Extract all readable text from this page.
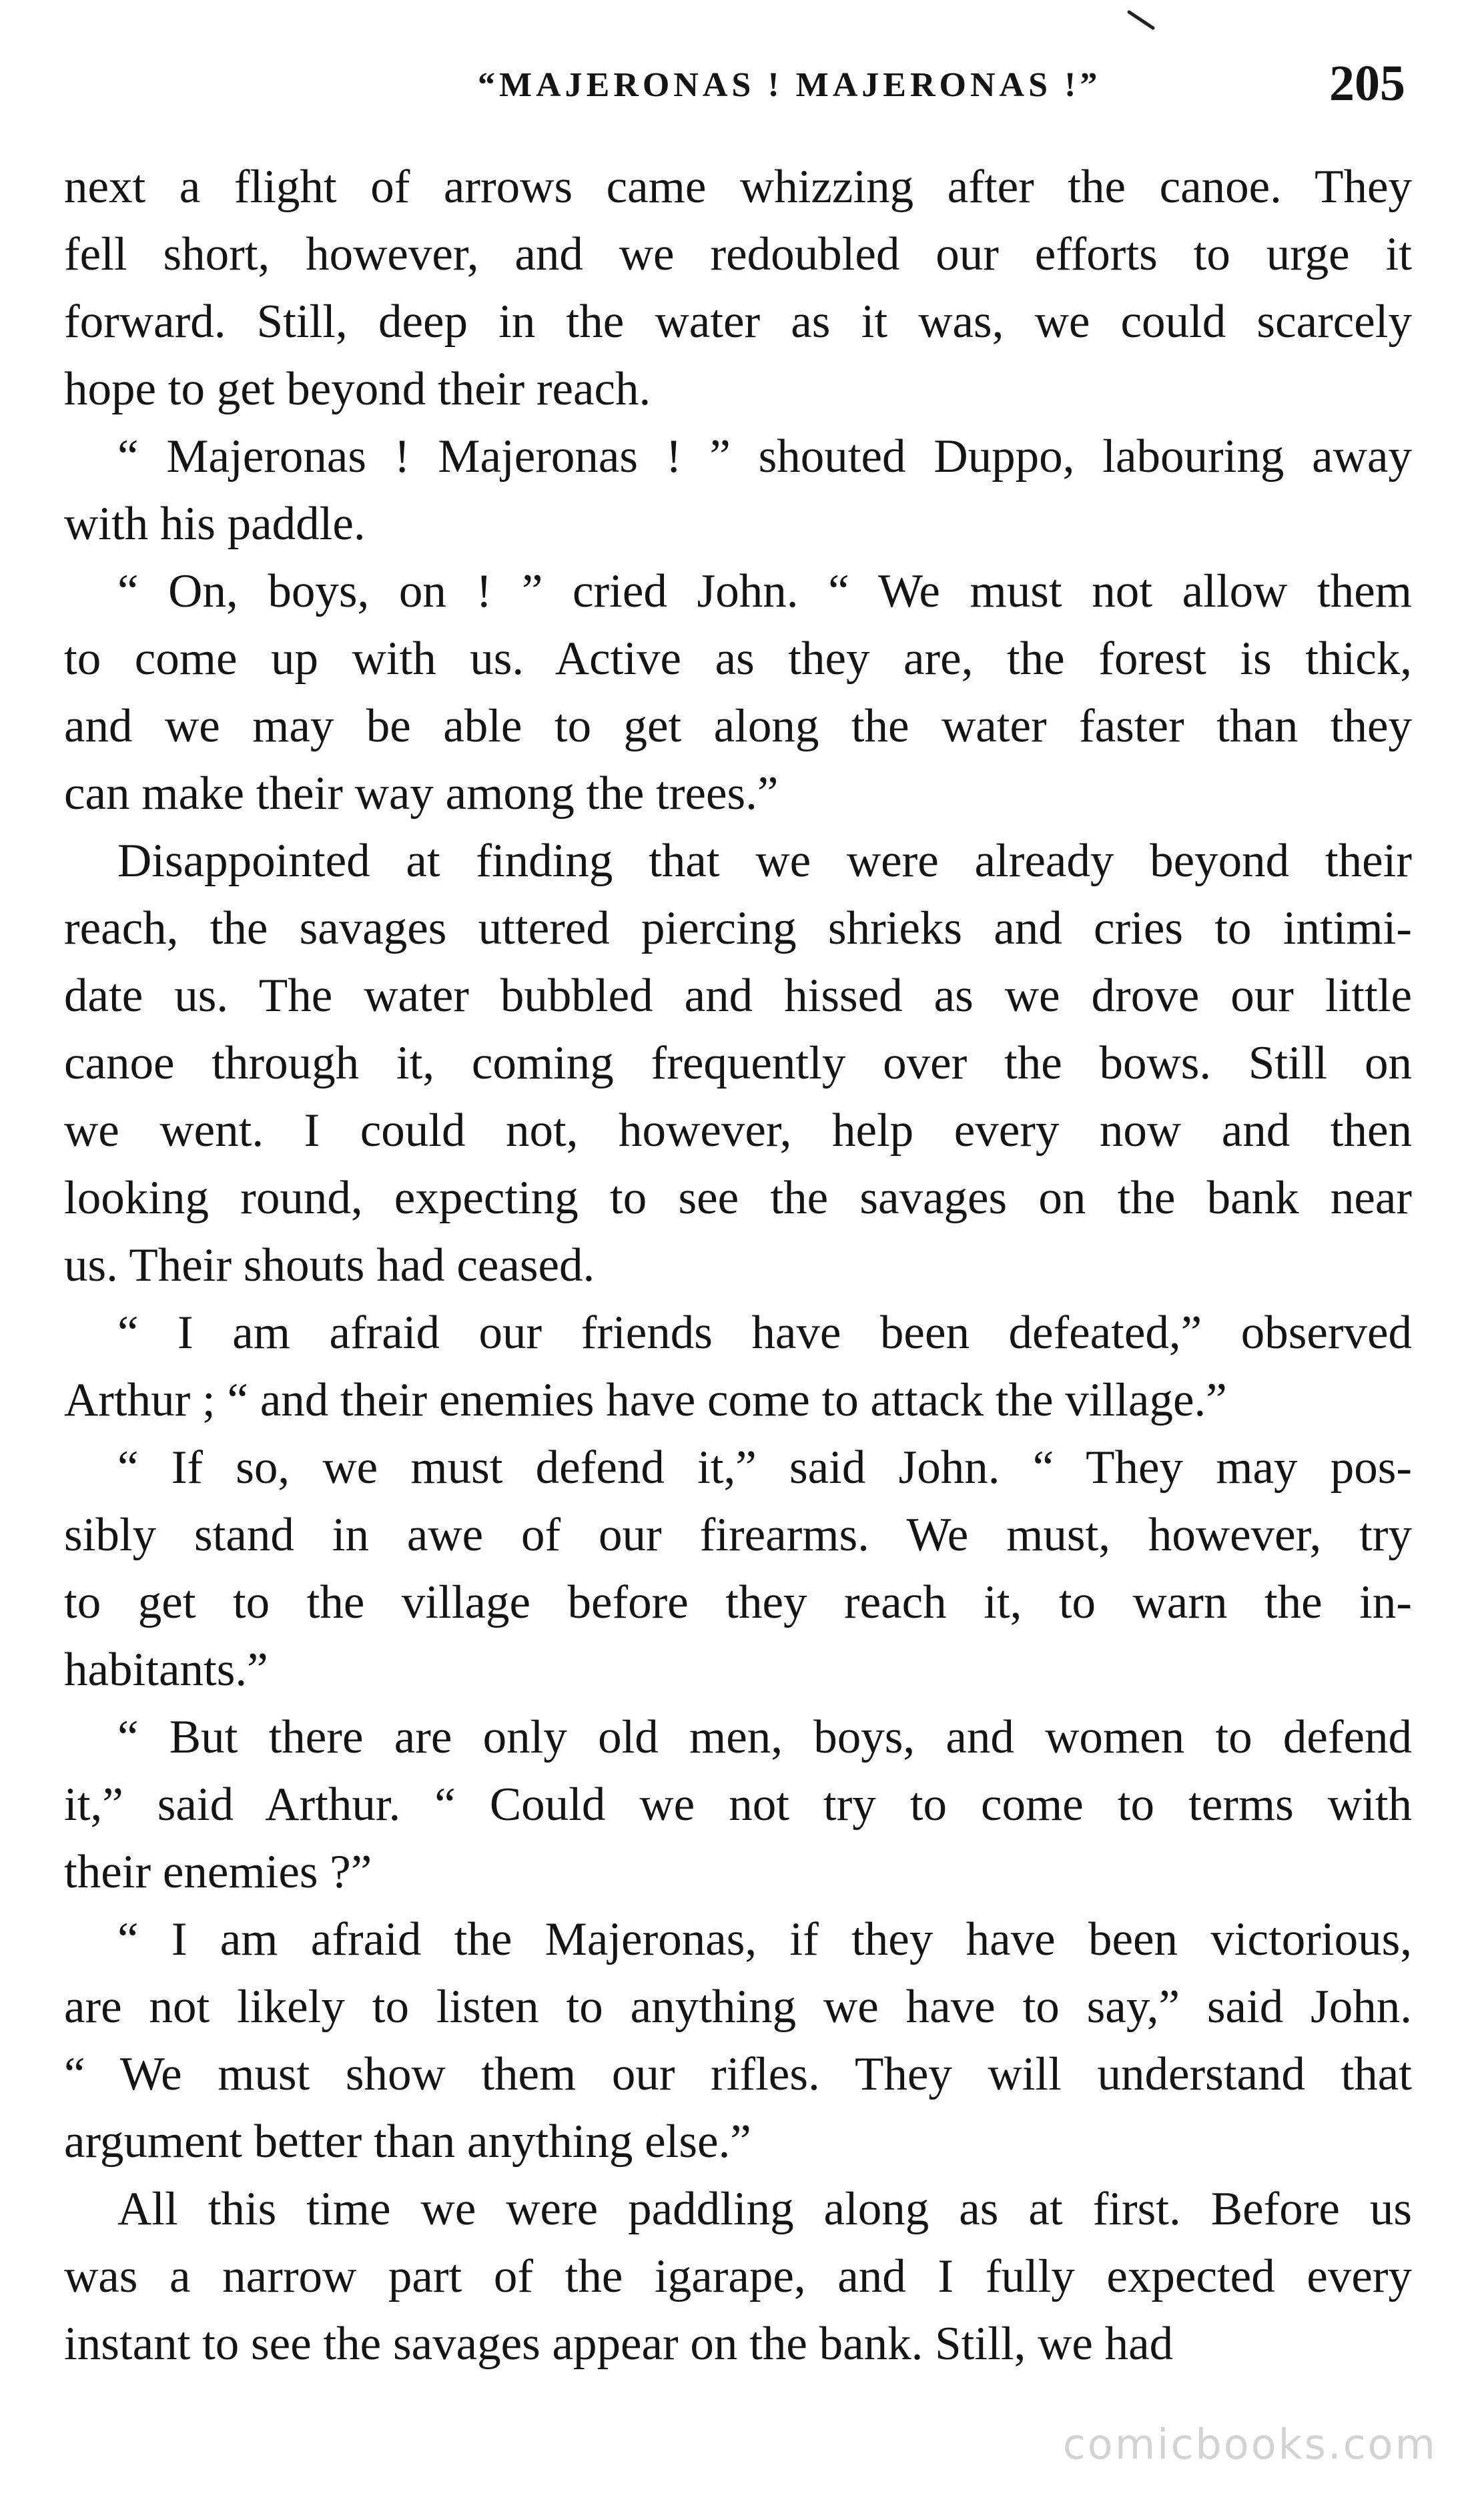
“MAJERONAS ! MAJERONAS !”	205
next a flight of arrows came whizzing after the canoe. They
fell short, however, and we redoubled our efforts to urge it
forward. Still, deep in the water as it was, we could scarcely
hope to get beyond their reach.
“ Majeronas ! Majeronas ! ” shouted Duppo, labouring away
with his paddle.
“ On, boys, on ! ” cried John. “ We must not allow them
to come up with us. Active as they are, the forest is thick,
and we may be able to get along the water faster than they
can make their way among the trees.”
Disappointed at finding that we were already beyond their
reach, the savages uttered piercing shrieks and cries to intimi-
date us. The water bubbled and hissed as we drove our little
canoe through it, coming frequently over the bows. Still on
we went. I could not, however, help every now and then
looking round, expecting to see the savages on the bank near
us. Their shouts had ceased.
“ I am afraid our friends have been defeated,” observed
Arthur ; “ and their enemies have come to attack the village.”
“ If so, we must defend it,” said John. “ They may pos-
sibly stand in awe of our firearms. We must, however, try
to get to the village before they reach it, to warn the in-
habitants.”
“ But there are only old men, boys, and women to defend
it,” said Arthur. “ Could we not try to come to terms with
their enemies ?”
“ I am afraid the Majeronas, if they have been victorious,
are not likely to listen to anything we have to say,” said John.
“ We must show them our rifles. They will understand that
argument better than anything else.”
All this time we were paddling along as at first. Before us
was a narrow part of the igarape, and I fully expected every
instant to see the savages appear on the bank. Still, we had
comicbooks.com
